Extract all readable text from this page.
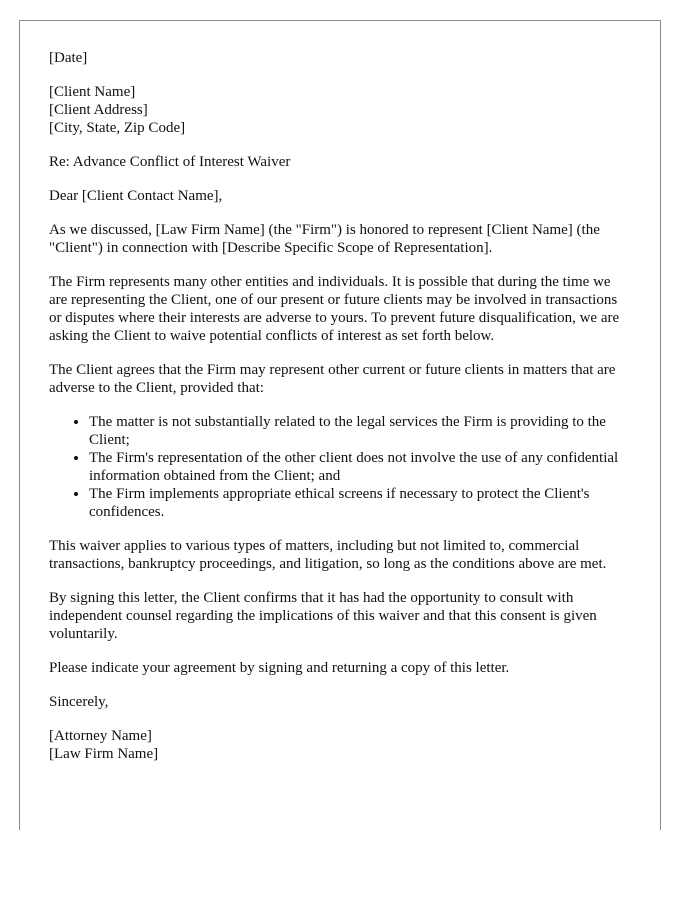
[Date]

[Client Name]
[Client Address]
[City, State, Zip Code]

Re: Advance Conflict of Interest Waiver

Dear [Client Contact Name],

As we discussed, [Law Firm Name] (the "Firm") is honored to represent [Client Name] (the "Client") in connection with [Describe Specific Scope of Representation].

The Firm represents many other entities and individuals. It is possible that during the time we are representing the Client, one of our present or future clients may be involved in transactions or disputes where their interests are adverse to yours. To prevent future disqualification, we are asking the Client to waive potential conflicts of interest as set forth below.

The Client agrees that the Firm may represent other current or future clients in matters that are adverse to the Client, provided that:

• The matter is not substantially related to the legal services the Firm is providing to the Client;
• The Firm's representation of the other client does not involve the use of any confidential information obtained from the Client; and
• The Firm implements appropriate ethical screens if necessary to protect the Client's confidences.

This waiver applies to various types of matters, including but not limited to, commercial transactions, bankruptcy proceedings, and litigation, so long as the conditions above are met.

By signing this letter, the Client confirms that it has had the opportunity to consult with independent counsel regarding the implications of this waiver and that this consent is given voluntarily.

Please indicate your agreement by signing and returning a copy of this letter.

Sincerely,

[Attorney Name]
[Law Firm Name]
